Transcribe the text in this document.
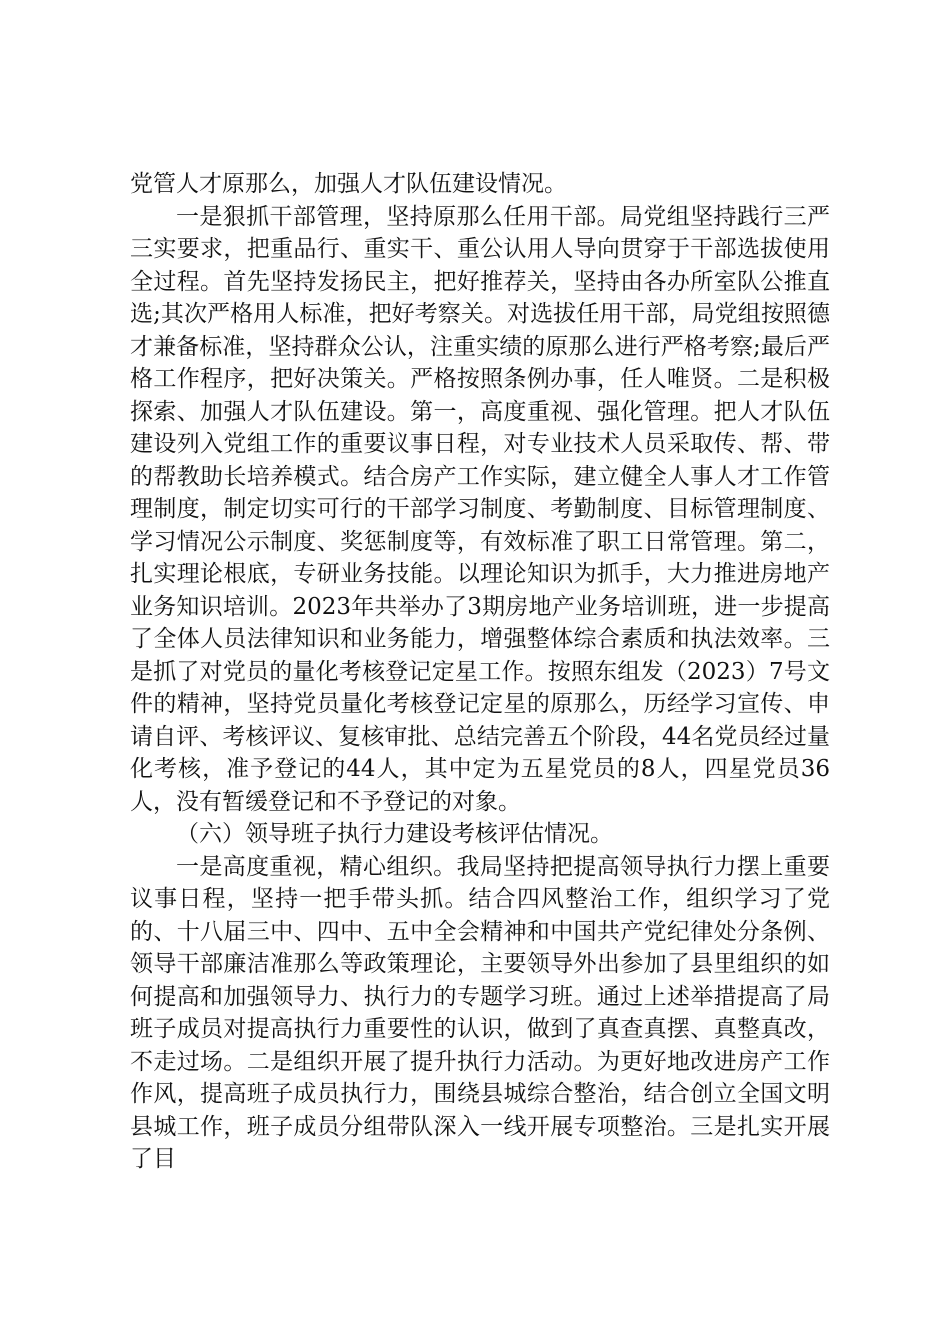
党管人才原那么，加强人才队伍建设情况。

一是狠抓干部管理，坚持原那么任用干部。局党组坚持践行三严三实要求，把重品行、重实干、重公认用人导向贯穿于干部选拔使用全过程。首先坚持发扬民主，把好推荐关，坚持由各办所室队公推直选;其次严格用人标准，把好考察关。对选拔任用干部，局党组按照德才兼备标准，坚持群众公认，注重实绩的原那么进行严格考察;最后严格工作程序，把好决策关。严格按照条例办事，任人唯贤。二是积极探索、加强人才队伍建设。第一，高度重视、强化管理。把人才队伍建设列入党组工作的重要议事日程，对专业技术人员采取传、帮、带的帮教助长培养模式。结合房产工作实际，建立健全人事人才工作管理制度，制定切实可行的干部学习制度、考勤制度、目标管理制度、学习情况公示制度、奖惩制度等，有效标准了职工日常管理。第二，扎实理论根底，专研业务技能。以理论知识为抓手，大力推进房地产业务知识培训。2023年共举办了3期房地产业务培训班，进一步提高了全体人员法律知识和业务能力，增强整体综合素质和执法效率。三是抓了对党员的量化考核登记定星工作。按照东组发（2023）7号文件的精神，坚持党员量化考核登记定星的原那么，历经学习宣传、申请自评、考核评议、复核审批、总结完善五个阶段，44名党员经过量化考核，准予登记的44人，其中定为五星党员的8人，四星党员36人，没有暂缓登记和不予登记的对象。

（六）领导班子执行力建设考核评估情况。

一是高度重视，精心组织。我局坚持把提高领导执行力摆上重要议事日程，坚持一把手带头抓。结合四风整治工作，组织学习了党的、十八届三中、四中、五中全会精神和中国共产党纪律处分条例、领导干部廉洁准那么等政策理论，主要领导外出参加了县里组织的如何提高和加强领导力、执行力的专题学习班。通过上述举措提高了局班子成员对提高执行力重要性的认识，做到了真查真摆、真整真改，不走过场。二是组织开展了提升执行力活动。为更好地改进房产工作作风，提高班子成员执行力，围绕县城综合整治，结合创立全国文明县城工作，班子成员分组带队深入一线开展专项整治。三是扎实开展了目
